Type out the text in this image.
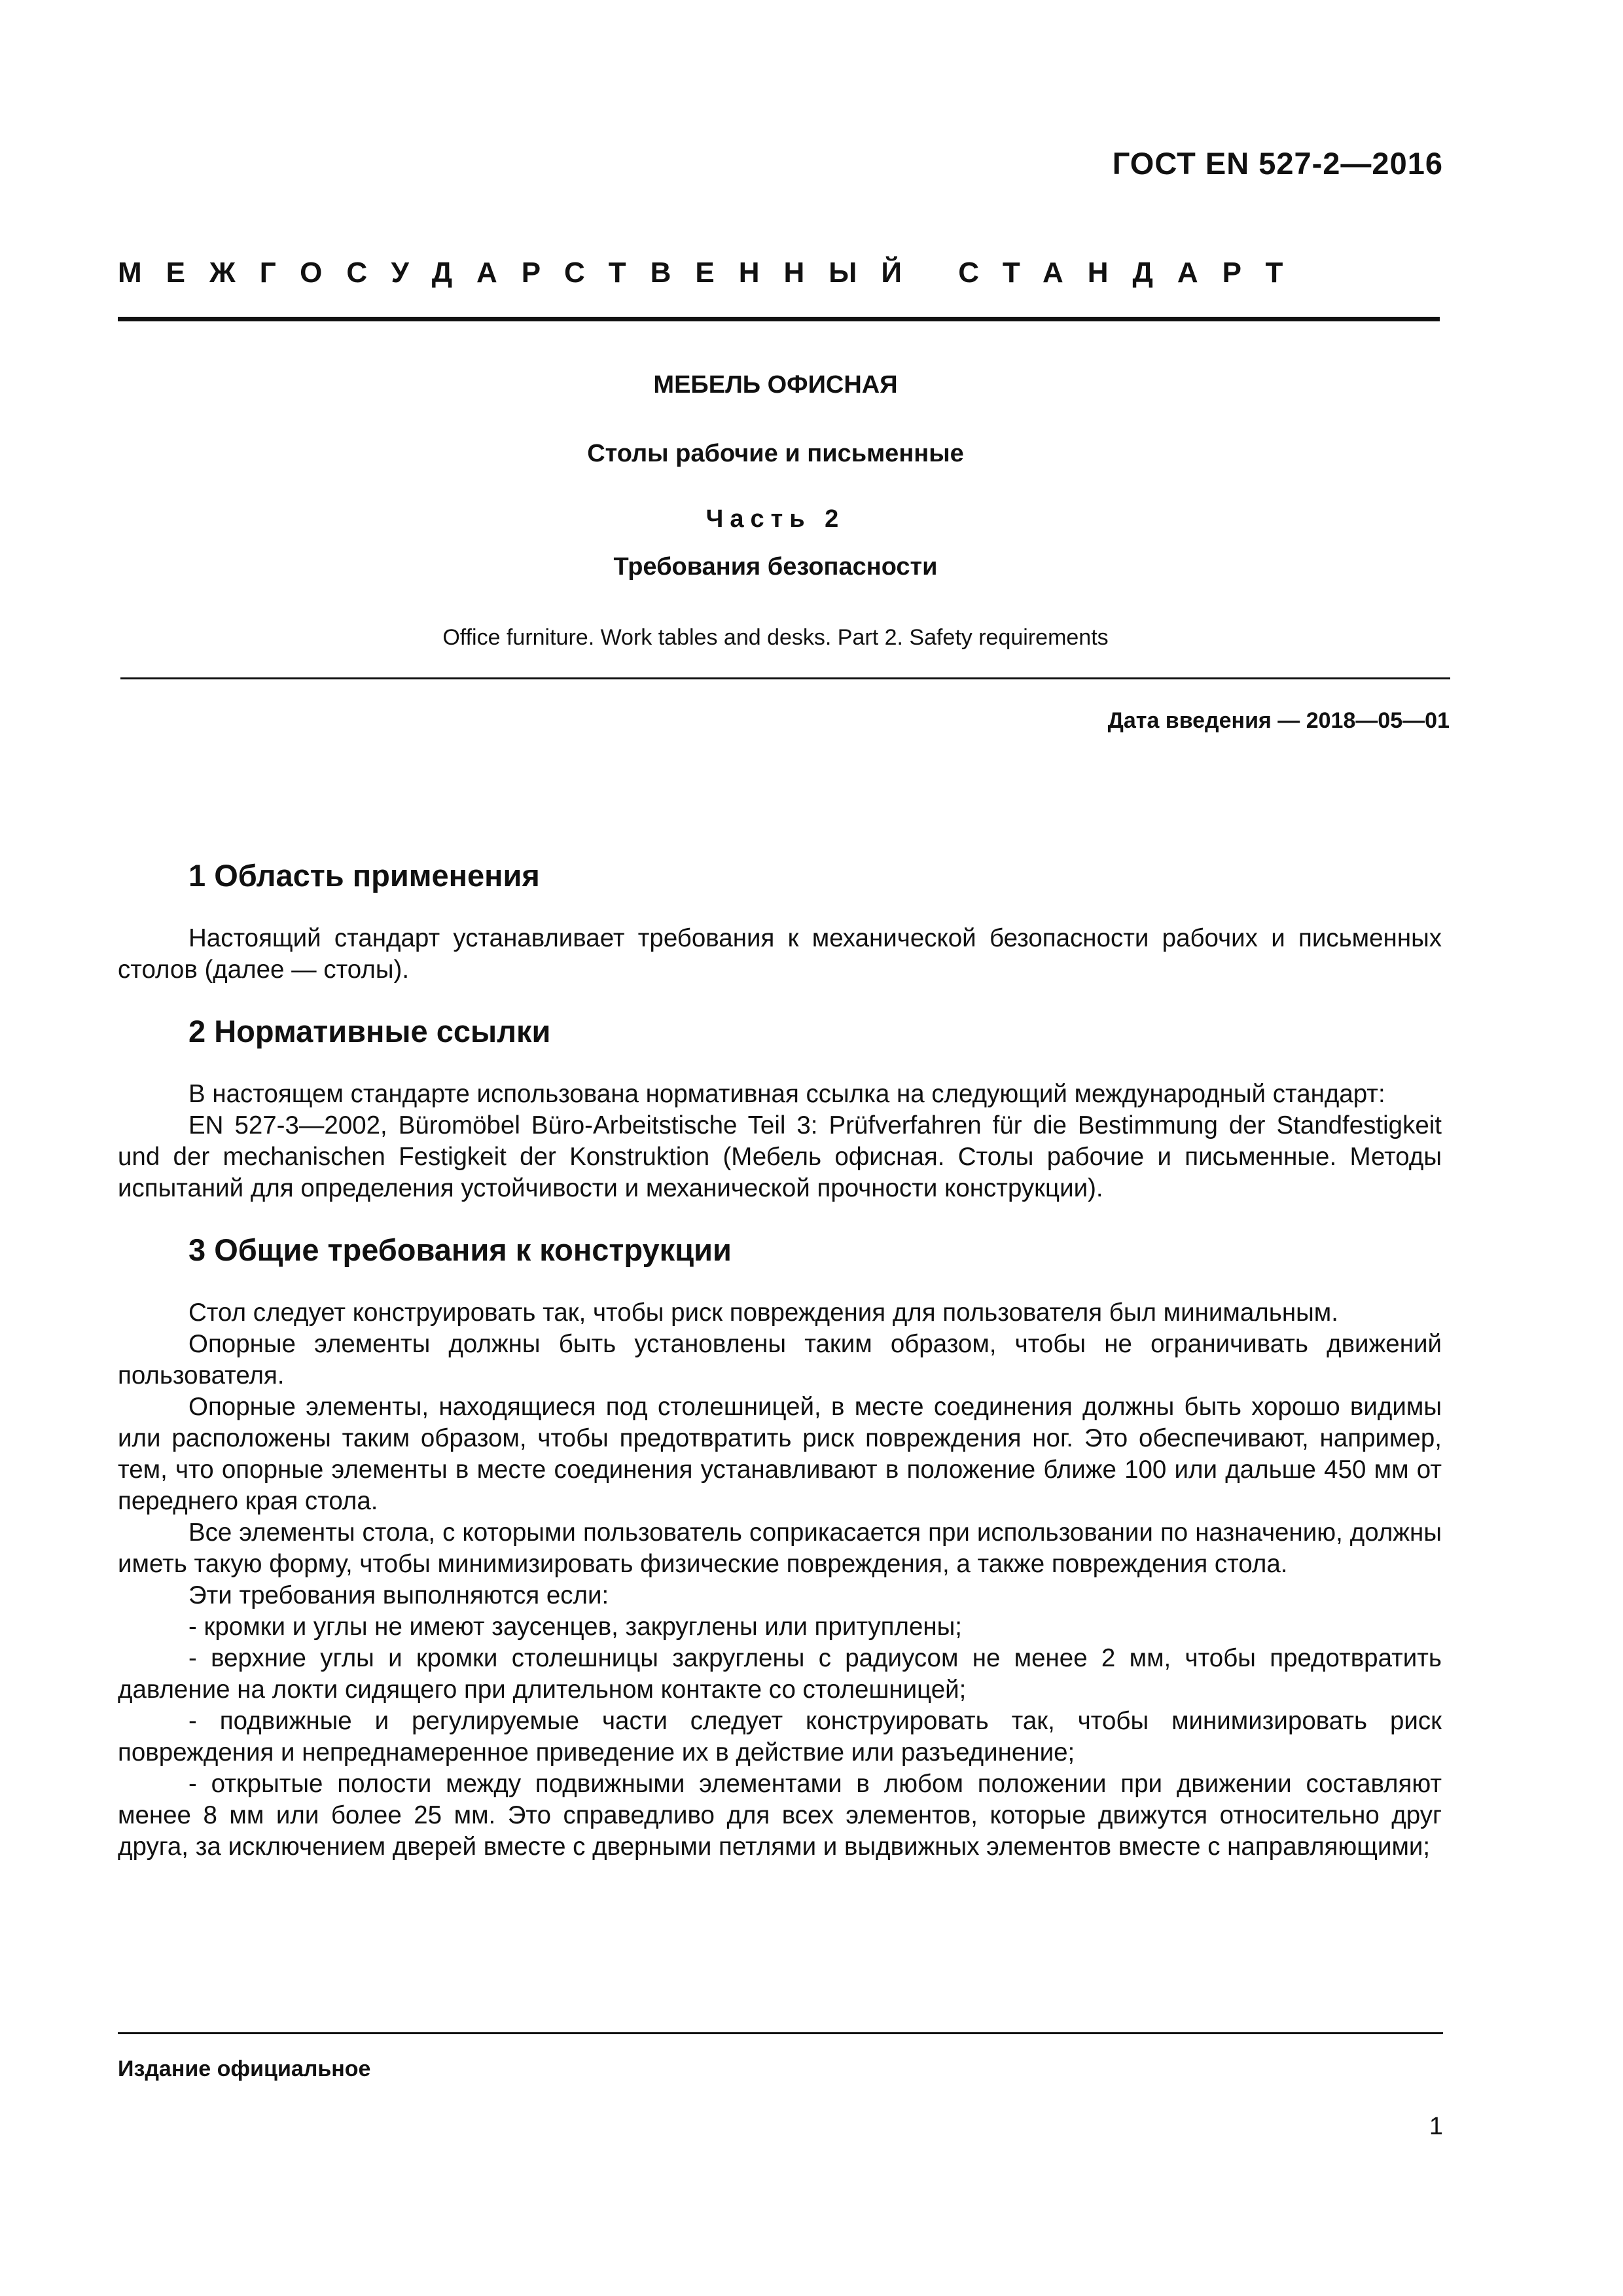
ГОСТ EN 527-2—2016
МЕЖГОСУДАРСТВЕННЫЙ СТАНДАРТ
МЕБЕЛЬ ОФИСНАЯ
Столы рабочие и письменные
Часть 2
Требования безопасности
Office furniture. Work tables and desks. Part 2. Safety requirements
Дата введения — 2018—05—01
1 Область применения

Настоящий стандарт устанавливает требования к механической безопасности рабочих и письменных столов (далее — столы).

2 Нормативные ссылки

В настоящем стандарте использована нормативная ссылка на следующий международный стандарт:

EN 527-3—2002, Büromöbel Büro-Arbeitstische Teil 3: Prüfverfahren für die Bestimmung der Standfestigkeit und der mechanischen Festigkeit der Konstruktion (Мебель офисная. Столы рабочие и письменные. Методы испытаний для определения устойчивости и механической прочности конструкции).

3 Общие требования к конструкции

Стол следует конструировать так, чтобы риск повреждения для пользователя был минимальным.

Опорные элементы должны быть установлены таким образом, чтобы не ограничивать движений пользователя.

Опорные элементы, находящиеся под столешницей, в месте соединения должны быть хорошо видимы или расположены таким образом, чтобы предотвратить риск повреждения ног. Это обеспечивают, например, тем, что опорные элементы в месте соединения устанавливают в положение ближе 100 или дальше 450 мм от переднего края стола.

Все элементы стола, с которыми пользователь соприкасается при использовании по назначению, должны иметь такую форму, чтобы минимизировать физические повреждения, а также повреждения стола.

Эти требования выполняются если:

- кромки и углы не имеют заусенцев, закруглены или притуплены;

- верхние углы и кромки столешницы закруглены с радиусом не менее 2 мм, чтобы предотвратить давление на локти сидящего при длительном контакте со столешницей;

- подвижные и регулируемые части следует конструировать так, чтобы минимизировать риск повреждения и непреднамеренное приведение их в действие или разъединение;

- открытые полости между подвижными элементами в любом положении при движении составляют менее 8 мм или более 25 мм. Это справедливо для всех элементов, которые движутся относительно друг друга, за исключением дверей вместе с дверными петлями и выдвижных элементов вместе с направляющими;

Издание официальное
1
